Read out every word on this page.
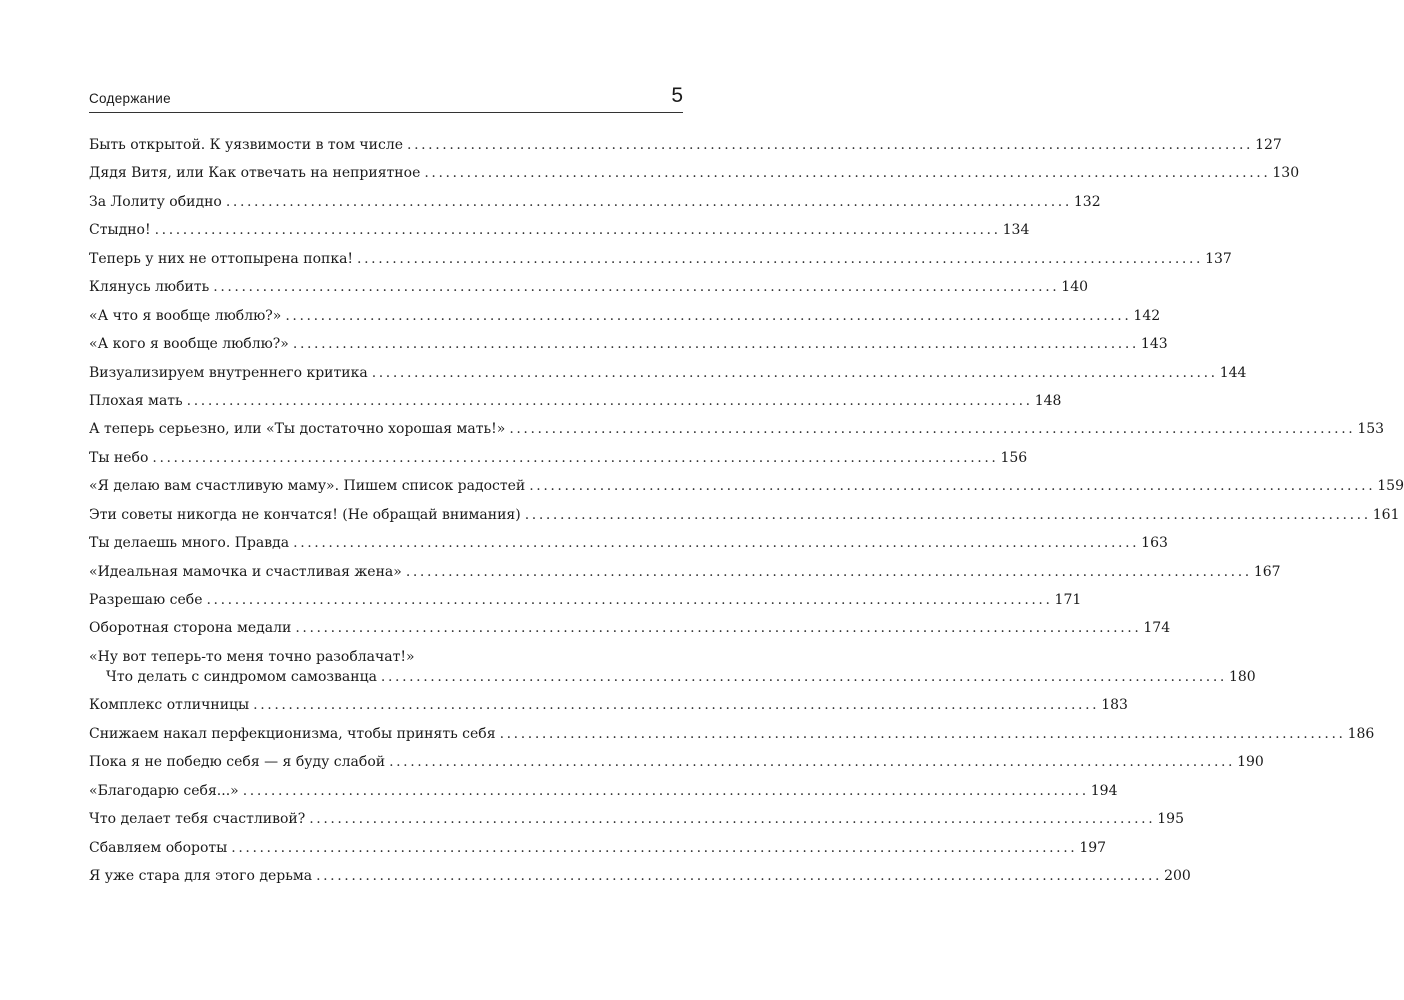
Содержание	5
Быть открытой. К уязвимости в том числе ........................................................................................................................ 127
Дядя Витя, или Как отвечать на неприятное ........................................................................................................................ 130
За Лолиту обидно ........................................................................................................................ 132
Стыдно! ........................................................................................................................ 134
Теперь у них не оттопырена попка! ........................................................................................................................ 137
Клянусь любить ........................................................................................................................ 140
«А что я вообще люблю?» ........................................................................................................................ 142
«А кого я вообще люблю?» ........................................................................................................................ 143
Визуализируем внутреннего критика ........................................................................................................................ 144
Плохая мать ........................................................................................................................ 148
А теперь серьезно, или «Ты достаточно хорошая мать!» ........................................................................................................................ 153
Ты небо ........................................................................................................................ 156
«Я делаю вам счастливую маму». Пишем список радостей ........................................................................................................................ 159
Эти советы никогда не кончатся! (Не обращай внимания) ........................................................................................................................ 161
Ты делаешь много. Правда ........................................................................................................................ 163
«Идеальная мамочка и счастливая жена» ........................................................................................................................ 167
Разрешаю себе ........................................................................................................................ 171
Оборотная сторона медали ........................................................................................................................ 174
«Ну вот теперь-то меня точно разоблачат!»
Что делать с синдромом самозванца ........................................................................................................................ 180
Комплекс отличницы ........................................................................................................................ 183
Снижаем накал перфекционизма, чтобы принять себя ........................................................................................................................ 186
Пока я не победю себя — я буду слабой ........................................................................................................................ 190
«Благодарю себя...» ........................................................................................................................ 194
Что делает тебя счастливой? ........................................................................................................................ 195
Сбавляем обороты ........................................................................................................................ 197
Я уже стара для этого дерьма ........................................................................................................................ 200
